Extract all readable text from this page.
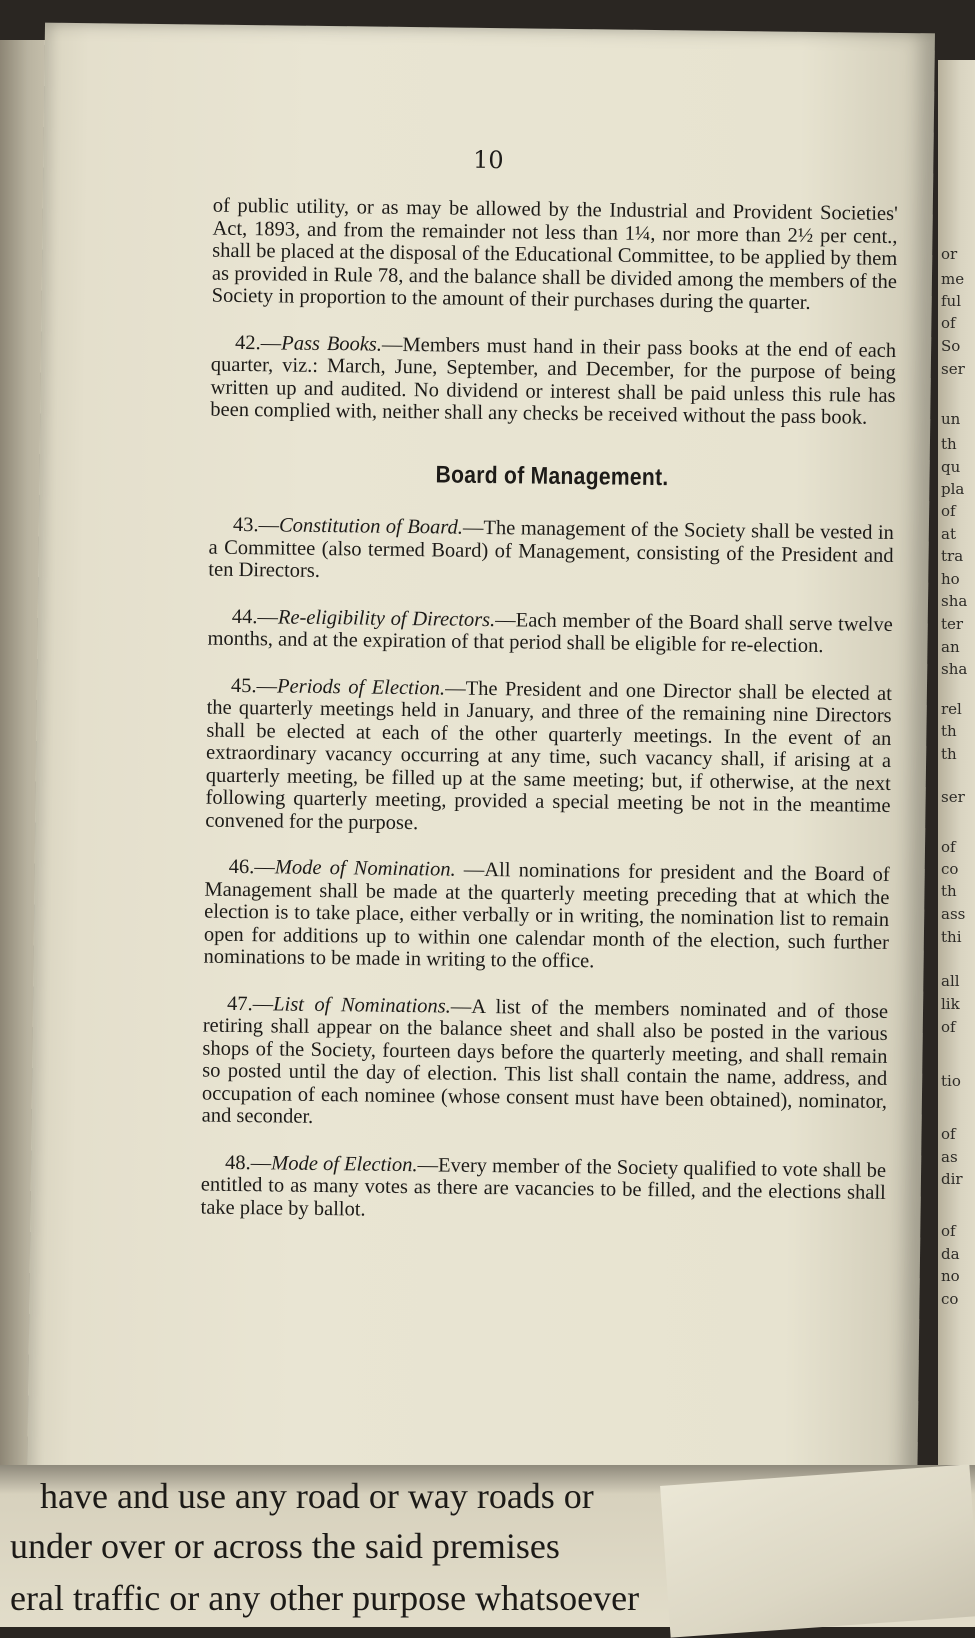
or
me
ful
of
So
ser
un
th
qu
pla
of
at
tra
ho
sha
ter
an
sha
rel
th
th
ser
of
co
th
ass
thi
all
lik
of
tio
of
as
dir
of
da
no
co
10

of public utility, or as may be allowed by the Industrial and Provident Societies' Act, 1893, and from the remainder not less than 1¼, nor more than 2½ per cent., shall be placed at the disposal of the Educational Committee, to be applied by them as provided in Rule 78, and the balance shall be divided among the members of the Society in proportion to the amount of their purchases during the quarter.

42.—Pass Books.—Members must hand in their pass books at the end of each quarter, viz.: March, June, September, and December, for the purpose of being written up and audited. No dividend or interest shall be paid unless this rule has been complied with, neither shall any checks be received without the pass book.

Board of Management.

43.—Constitution of Board.—The management of the Society shall be vested in a Committee (also termed Board) of Management, consisting of the President and ten Directors.

44.—Re-eligibility of Directors.—Each member of the Board shall serve twelve months, and at the expiration of that period shall be eligible for re-election.

45.—Periods of Election.—The President and one Director shall be elected at the quarterly meetings held in January, and three of the remaining nine Directors shall be elected at each of the other quarterly meetings. In the event of an extraordinary vacancy occurring at any time, such vacancy shall, if arising at a quarterly meeting, be filled up at the same meeting; but, if otherwise, at the next following quarterly meeting, provided a special meeting be not in the meantime convened for the purpose.

46.—Mode of Nomination. —All nominations for president and the Board of Management shall be made at the quarterly meeting preceding that at which the election is to take place, either verbally or in writing, the nomination list to remain open for additions up to within one calendar month of the election, such further nominations to be made in writing to the office.

47.—List of Nominations.—A list of the members nominated and of those retiring shall appear on the balance sheet and shall also be posted in the various shops of the Society, fourteen days before the quarterly meeting, and shall remain so posted until the day of election. This list shall contain the name, address, and occupation of each nominee (whose consent must have been obtained), nominator, and seconder.

48.—Mode of Election.—Every member of the Society qualified to vote shall be entitled to as many votes as there are vacancies to be filled, and the elections shall take place by ballot.

have and use any road or way roads or
under over or across the said premises
eral traffic or any other purpose whatsoever
